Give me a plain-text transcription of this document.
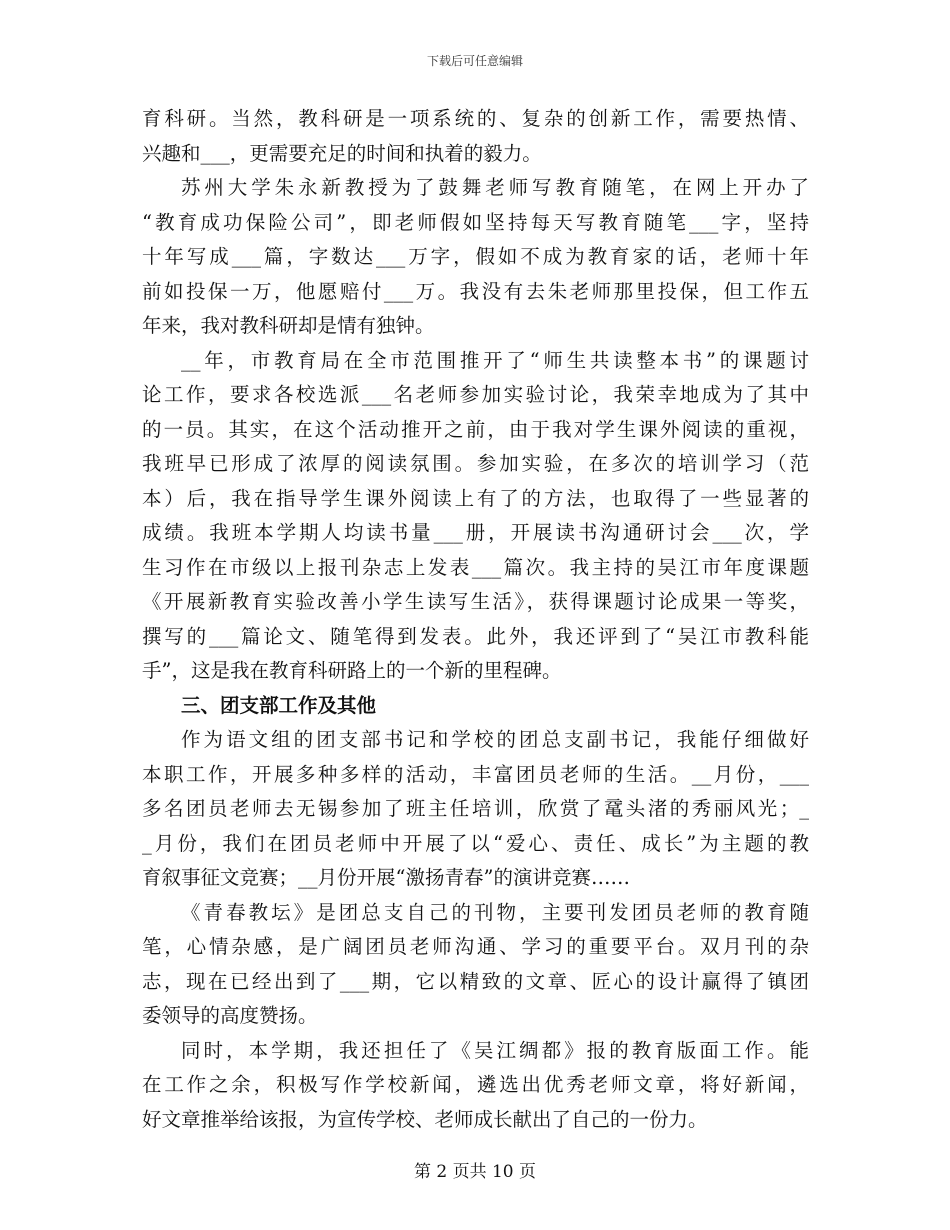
下载后可任意编辑
育科研。当然，教科研是一项系统的、复杂的创新工作，需要热情、
兴趣和___，更需要充足的时间和执着的毅力。
苏州大学朱永新教授为了鼓舞老师写教育随笔，在网上开办了
“教育成功保险公司”，即老师假如坚持每天写教育随笔___字，坚持
十年写成___篇，字数达___万字，假如不成为教育家的话，老师十年
前如投保一万，他愿赔付___万。我没有去朱老师那里投保，但工作五
年来，我对教科研却是情有独钟。
__年，市教育局在全市范围推开了“师生共读整本书”的课题讨
论工作，要求各校选派___名老师参加实验讨论，我荣幸地成为了其中
的一员。其实，在这个活动推开之前，由于我对学生课外阅读的重视，
我班早已形成了浓厚的阅读氛围。参加实验，在多次的培训学习（范
本）后，我在指导学生课外阅读上有了的方法，也取得了一些显著的
成绩。我班本学期人均读书量___册，开展读书沟通研讨会___次，学
生习作在市级以上报刊杂志上发表___篇次。我主持的吴江市年度课题
《开展新教育实验改善小学生读写生活》，获得课题讨论成果一等奖，
撰写的___篇论文、随笔得到发表。此外，我还评到了“吴江市教科能
手”，这是我在教育科研路上的一个新的里程碑。
三、团支部工作及其他
作为语文组的团支部书记和学校的团总支副书记，我能仔细做好
本职工作，开展多种多样的活动，丰富团员老师的生活。__月份，___
多名团员老师去无锡参加了班主任培训，欣赏了鼋头渚的秀丽风光；_
_月份，我们在团员老师中开展了以“爱心、责任、成长”为主题的教
育叙事征文竞赛；__月份开展“激扬青春”的演讲竞赛……
《青春教坛》是团总支自己的刊物，主要刊发团员老师的教育随
笔，心情杂感，是广阔团员老师沟通、学习的重要平台。双月刊的杂
志，现在已经出到了___期，它以精致的文章、匠心的设计赢得了镇团
委领导的高度赞扬。
同时，本学期，我还担任了《吴江绸都》报的教育版面工作。能
在工作之余，积极写作学校新闻，遴选出优秀老师文章，将好新闻，
好文章推举给该报，为宣传学校、老师成长献出了自己的一份力。
第 2 页共 10 页
